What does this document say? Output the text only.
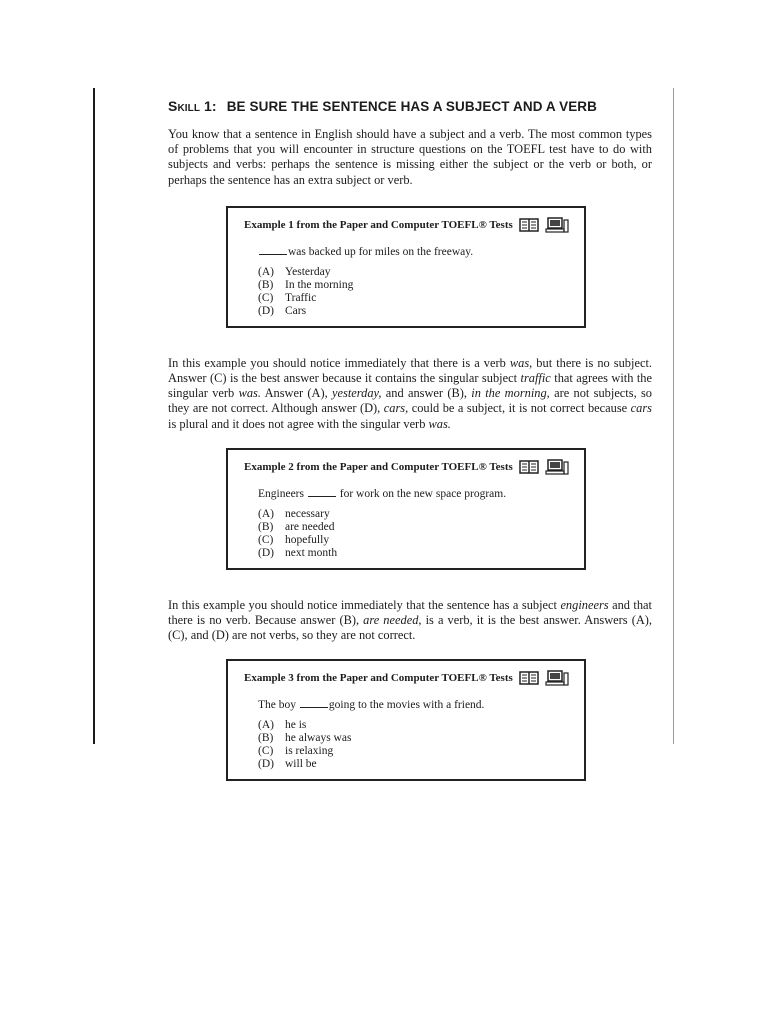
Skill 1: BE SURE THE SENTENCE HAS A SUBJECT AND A VERB

You know that a sentence in English should have a subject and a verb. The most common types of problems that you will encounter in structure questions on the TOEFL test have to do with subjects and verbs: perhaps the sentence is missing either the subject or the verb or both, or perhaps the sentence has an extra subject or verb.

Example 1 from the Paper and Computer TOEFL® Tests
was backed up for miles on the freeway.
(A) Yesterday
(B) In the morning
(C) Traffic
(D) Cars

In this example you should notice immediately that there is a verb was, but there is no subject. Answer (C) is the best answer because it contains the singular subject traffic that agrees with the singular verb was. Answer (A), yesterday, and answer (B), in the morning, are not subjects, so they are not correct. Although answer (D), cars, could be a subject, it is not correct because cars is plural and it does not agree with the singular verb was.

Example 2 from the Paper and Computer TOEFL® Tests
Engineers	for work on the new space program.
(A) necessary
(B) are needed
(C) hopefully
(D) next month

In this example you should notice immediately that the sentence has a subject engineers and that there is no verb. Because answer (B), are needed, is a verb, it is the best answer. Answers (A), (C), and (D) are not verbs, so they are not correct.

Example 3 from the Paper and Computer TOEFL® Tests
The boy	going to the movies with a friend.
(A) he is
(B) he always was
(C) is relaxing
(D) will be
